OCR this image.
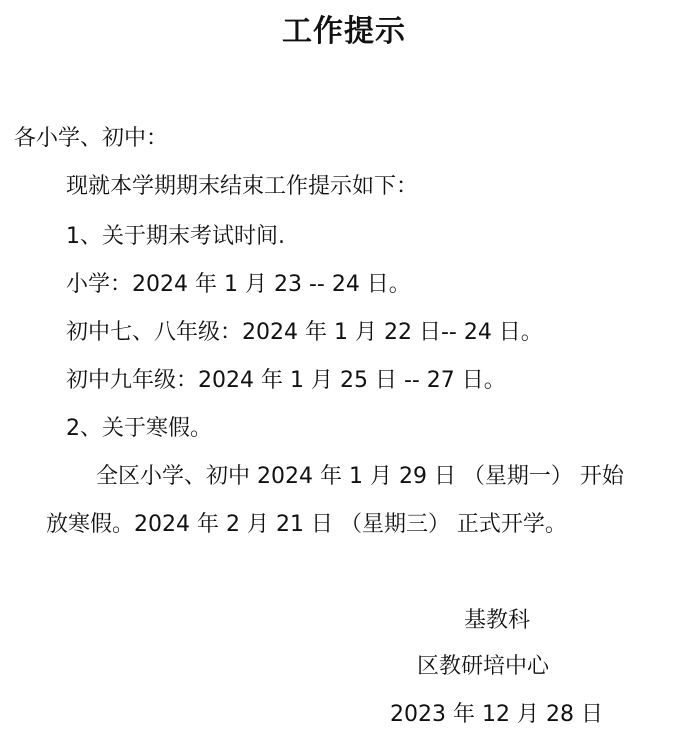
工作提示
各小学、初中：
现就本学期期末结束工作提示如下：
1、关于期末考试时间.
小学：2024 年 1 月 23 -- 24 日。
初中七、八年级：2024 年 1 月 22 日-- 24 日。
初中九年级：2024 年 1 月 25 日 -- 27 日。
2、关于寒假。
全区小学、初中 2024 年 1 月 29 日 （星期一） 开始
放寒假。2024 年 2 月 21 日 （星期三） 正式开学。
基教科
区教研培中心
2023 年 12 月 28 日
